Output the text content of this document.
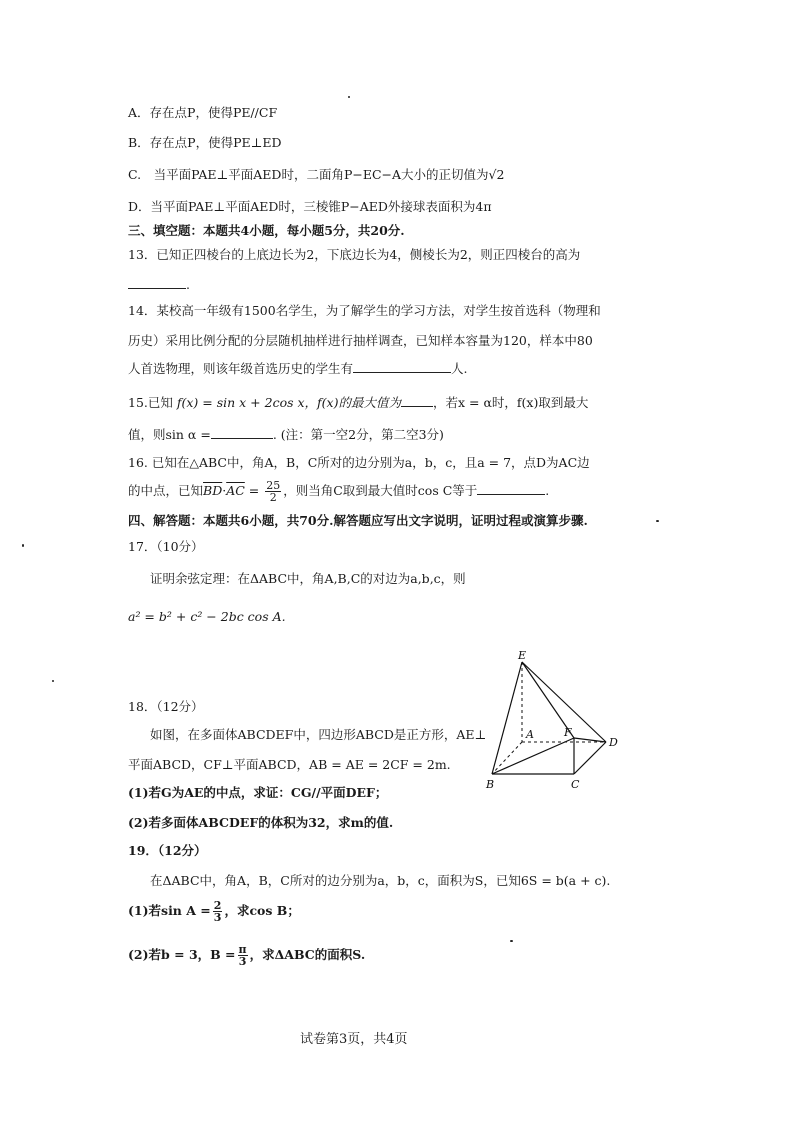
A．存在点P，使得PE//CF
B．存在点P，使得PE⊥ED
C.　当平面PAE⊥平面AED时，二面角P−EC−A大小的正切值为√2
D．当平面PAE⊥平面AED时，三棱锥P−AED外接球表面积为4π
三、填空题：本题共4小题，每小题5分，共20分.
13．已知正四棱台的上底边长为2，下底边长为4，侧棱长为2，则正四棱台的高为
.
14．某校高一年级有1500名学生，为了解学生的学习方法，对学生按首选科（物理和
历史）采用比例分配的分层随机抽样进行抽样调查，已知样本容量为120，样本中80
人首选物理，则该年级首选历史的学生有	人.
15.已知 f(x) = sin x + 2cos x，f(x)的最大值为	，若x = α时，f(x)取到最大
值，则sin α =	. (注：第一空2分，第二空3分)
16. 已知在△ABC中，角A，B，C所对的边分别为a，b，c，且a = 7，点D为AC边
的中点，已知$\overline{BD}\cdot\overline{AC} = \frac{25}{2}$ ，则当角C取到最大值时cos C等于	.
四、解答题：本题共6小题，共70分.解答题应写出文字说明，证明过程或演算步骤.
17．（10分）
证明余弦定理：在ΔABC中，角A,B,C的对边为a,b,c，则
a² = b² + c² − 2bc cos A.
18．（12分）
如图，在多面体ABCDEF中，四边形ABCD是正方形，AE⊥
平面ABCD，CF⊥平面ABCD，AB = AE = 2CF = 2m.
(1)若G为AE的中点，求证：CG//平面DEF；
(2)若多面体ABCDEF的体积为32，求m的值.
19．（12分）
在ΔABC中，角A，B，C所对的边分别为a，b，c，面积为S，已知6S = b(a + c).
(1)若$\sin A = \frac{2}{3}$ ，求cos B；
(2)若b = 3，$B = \frac{\pi}{3}$ ，求ΔABC的面积S.
E
A	F
D
B	C
试卷第3页，共4页
